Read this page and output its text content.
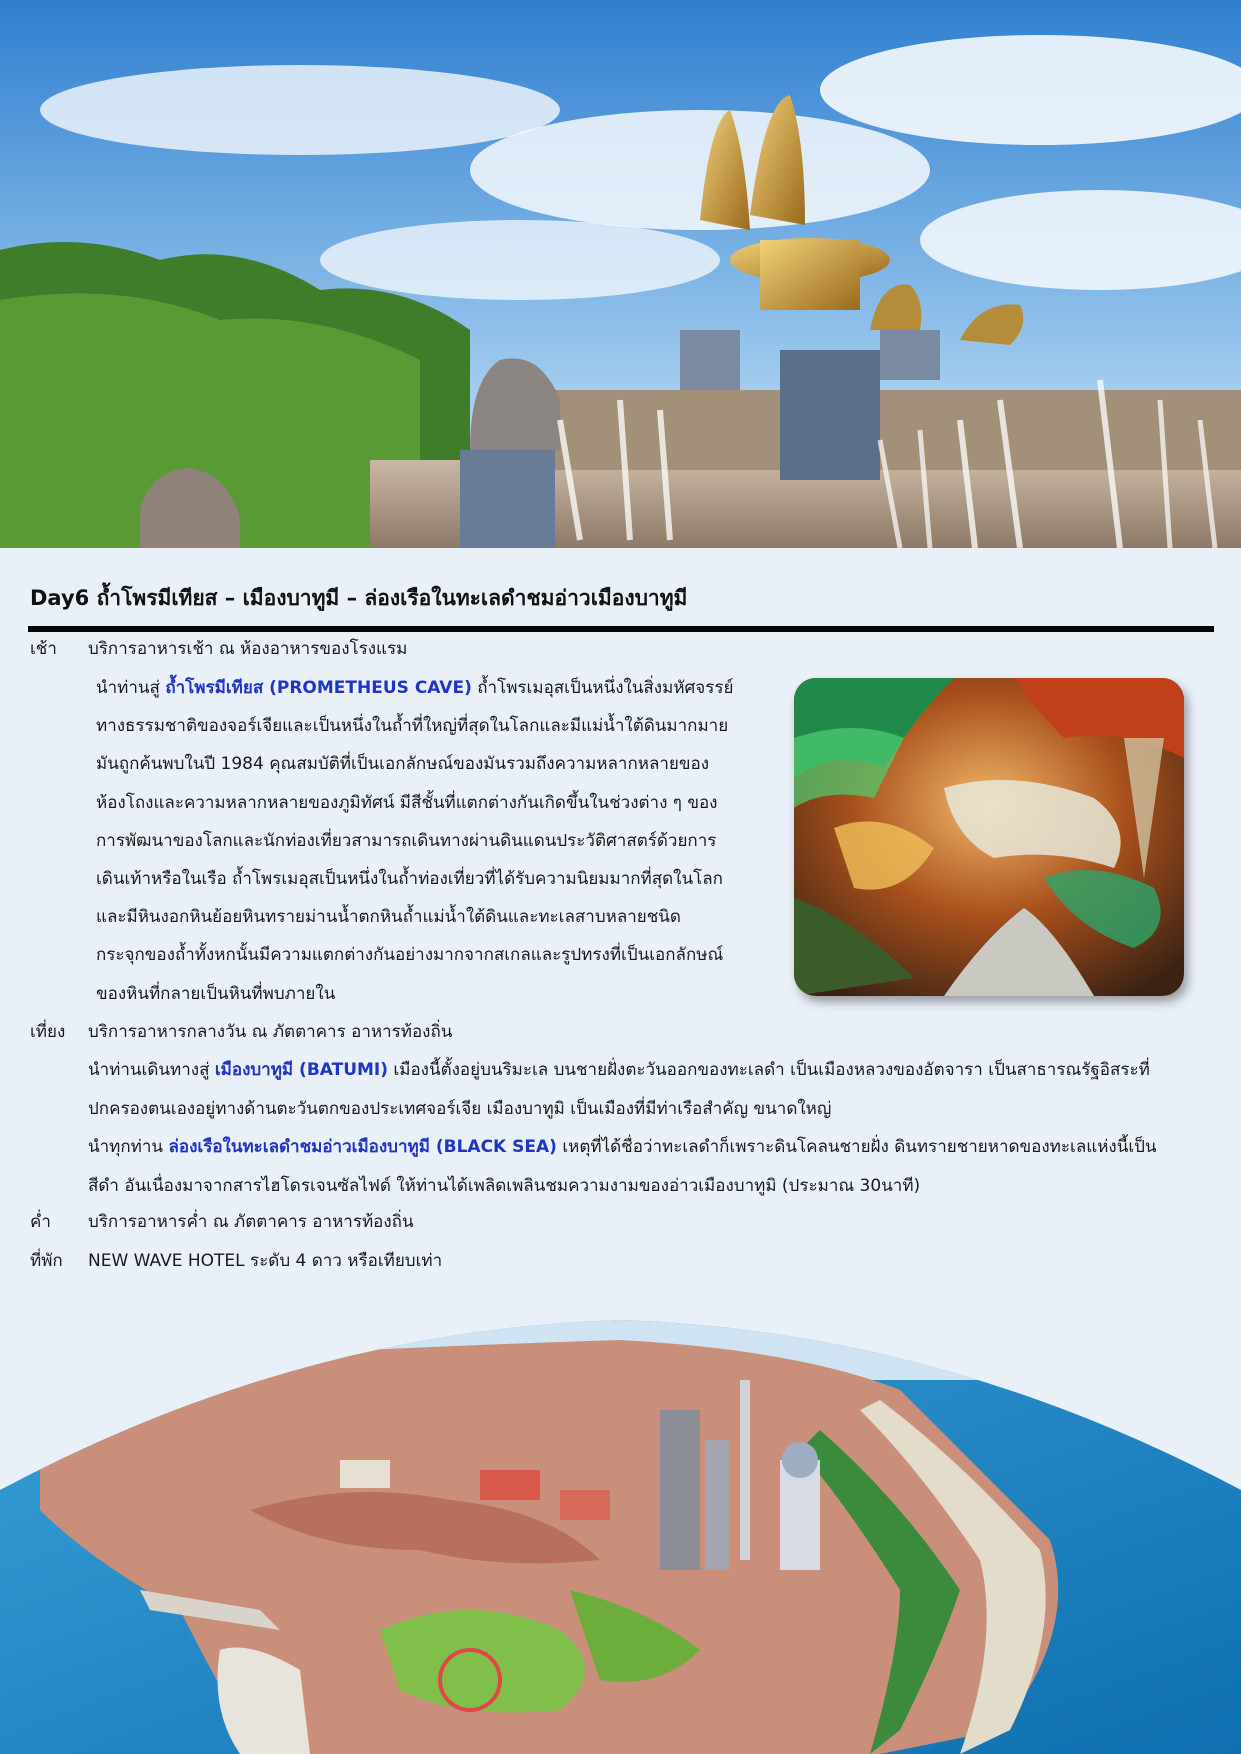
Day6 ถ้ำโพรมีเทียส – เมืองบาทูมี – ล่องเรือในทะเลดำชมอ่าวเมืองบาทูมี
เช้า บริการอาหารเช้า ณ ห้องอาหารของโรงแรม
นำท่านสู่ ถ้ำโพรมีเทียส (PROMETHEUS CAVE) ถ้ำโพรเมอุสเป็นหนึ่งในสิ่งมหัศจรรย์
ทางธรรมชาติของจอร์เจียและเป็นหนึ่งในถ้ำที่ใหญ่ที่สุดในโลกและมีแม่น้ำใต้ดินมากมาย
มันถูกค้นพบในปี 1984 คุณสมบัติที่เป็นเอกลักษณ์ของมันรวมถึงความหลากหลายของ
ห้องโถงและความหลากหลายของภูมิทัศน์ มีสีชั้นที่แตกต่างกันเกิดขึ้นในช่วงต่าง ๆ ของ
การพัฒนาของโลกและนักท่องเที่ยวสามารถเดินทางผ่านดินแดนประวัติศาสตร์ด้วยการ
เดินเท้าหรือในเรือ ถ้ำโพรเมอุสเป็นหนึ่งในถ้ำท่องเที่ยวที่ได้รับความนิยมมากที่สุดในโลก
และมีหินงอกหินย้อยหินทรายม่านน้ำตกหินถ้ำแม่น้ำใต้ดินและทะเลสาบหลายชนิด
กระจุกของถ้ำทั้งหกนั้นมีความแตกต่างกันอย่างมากจากสเกลและรูปทรงที่เป็นเอกลักษณ์
ของหินที่กลายเป็นหินที่พบภายใน
เที่ยง บริการอาหารกลางวัน ณ ภัตตาคาร อาหารท้องถิ่น
นำท่านเดินทางสู่ เมืองบาทูมี (BATUMI) เมืองนี้ตั้งอยู่บนริมะเล บนชายฝั่งตะวันออกของทะเลดำ เป็นเมืองหลวงของอัตจารา เป็นสาธารณรัฐอิสระที่
ปกครองตนเองอยู่ทางด้านตะวันตกของประเทศจอร์เจีย เมืองบาทูมิ เป็นเมืองที่มีท่าเรือสำคัญ ขนาดใหญ่
นำทุกท่าน ล่องเรือในทะเลดำชมอ่าวเมืองบาทูมี (BLACK SEA) เหตุที่ได้ชื่อว่าทะเลดำก็เพราะดินโคลนชายฝั่ง ดินทรายชายหาดของทะเลแห่งนี้เป็น
สีดำ อันเนื่องมาจากสารไฮโดรเจนซัลไฟด์ ให้ท่านได้เพลิดเพลินชมความงามของอ่าวเมืองบาทูมิ (ประมาณ 30นาที)
ค่ำ บริการอาหารค่ำ ณ ภัตตาคาร อาหารท้องถิ่น
ที่พัก NEW WAVE HOTEL ระดับ 4 ดาว หรือเทียบเท่า
